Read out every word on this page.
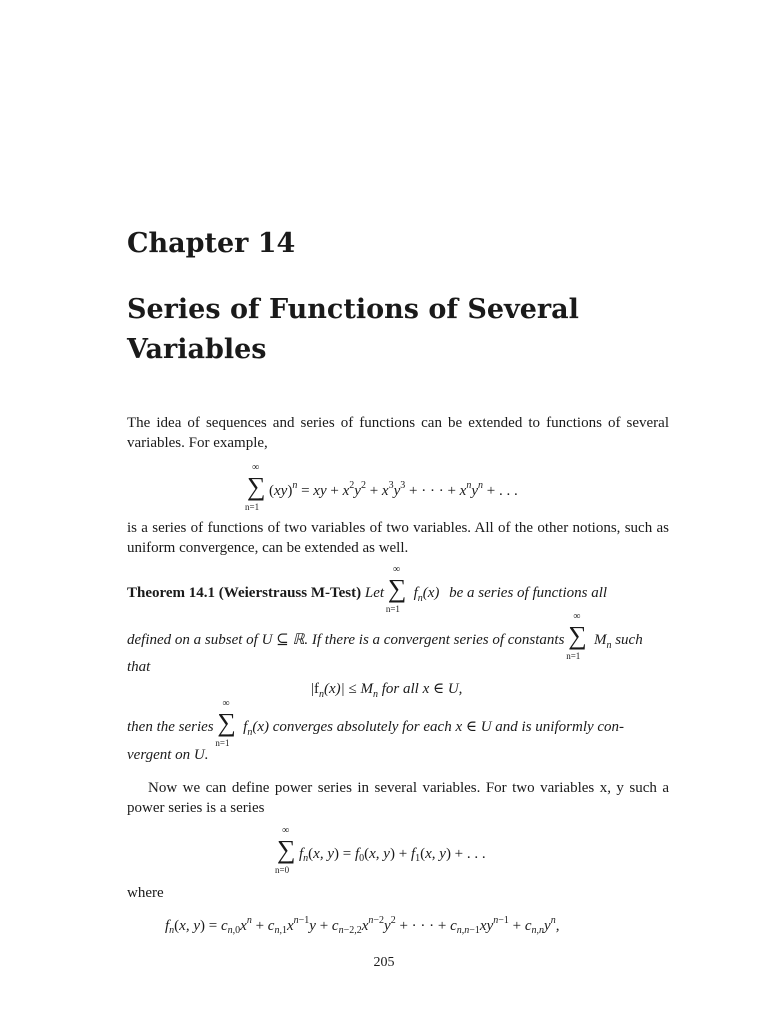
Chapter 14
Series of Functions of Several Variables

The idea of sequences and series of functions can be extended to functions of several variables. For example,

∑
∞
n=1
(xy)$^n$ = xy + $x^2y^2 + x^3y^3$ + · · · + $x^ny^n$ + . . .

is a series of functions of two variables of two variables. All of the other notions, such as uniform convergence, can be extended as well.

Theorem 14.1 (Weierstrauss M-Test) Let ∑
∞
n=1
$f_n(x)$ be a series of functions all
defined on a subset of U ⊆ ℝ. If there is a convergent series of constants ∑
∞
n=1
$M_n$ such
that
$|f_n(x)| \le M_n$ for all x ∈ U,
then the series ∑
∞
n=1
$f_n(x)$ converges absolutely for each x ∈ U and is uniformly con-
vergent on U.

Now we can define power series in several variables. For two variables x, y such a power series is a series

∑
∞
n=0
$f_n(x$, $y) = f_0(x$, $y) + f_1(x$, y) + . . .

where

$f_n(x$, $y) = c_{n,0}x^n + c_{n,1}x^{n-1}y + c_{n-2,2}x^{n-2}y^2$ + · · · + $c_{n,n-1}xy^{n-1} + c_{n,n}y^n$,
205
